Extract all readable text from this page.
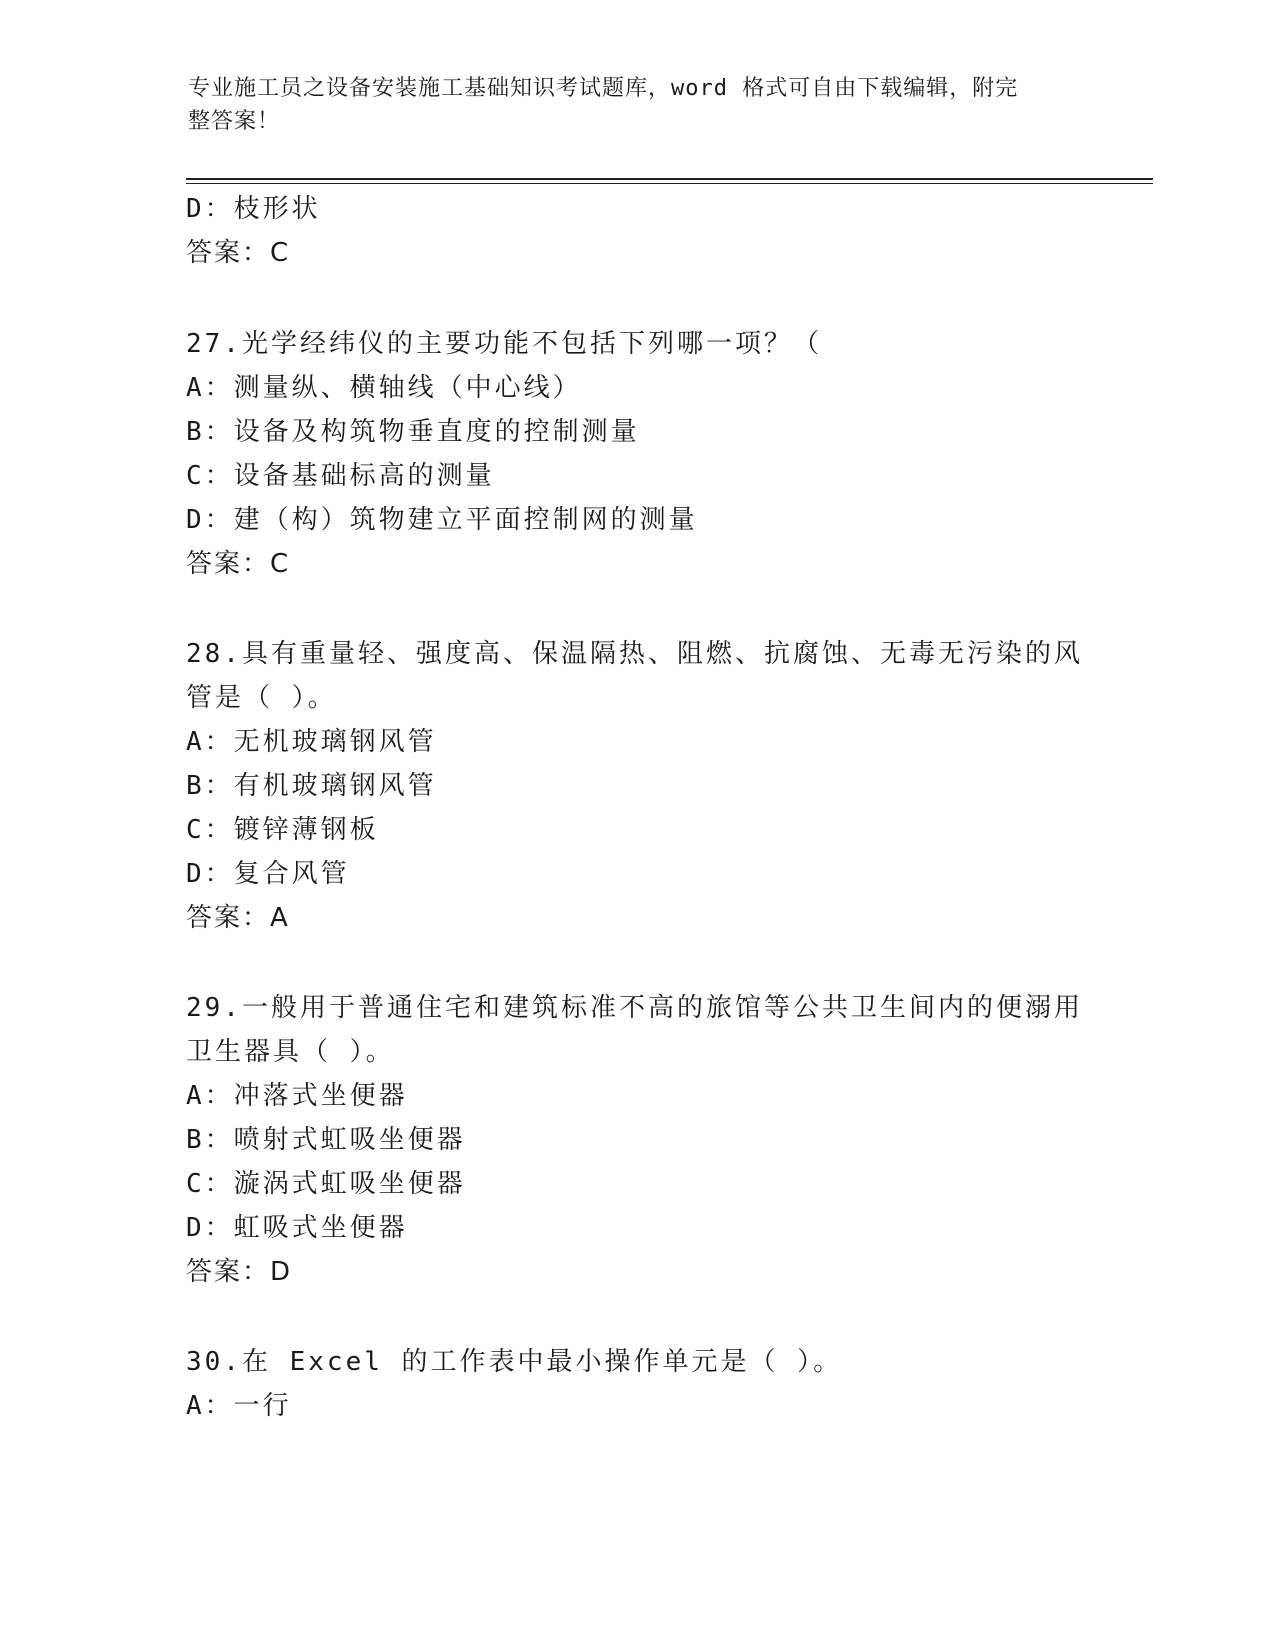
专业施工员之设备安装施工基础知识考试题库，word 格式可自由下载编辑，附完
整答案！
D：枝形状
答案：C
27.光学经纬仪的主要功能不包括下列哪一项？（
A：测量纵、横轴线（中心线）
B：设备及构筑物垂直度的控制测量
C：设备基础标高的测量
D：建（构）筑物建立平面控制网的测量
答案：C
28.具有重量轻、强度高、保温隔热、阻燃、抗腐蚀、无毒无污染的风
管是（ ）。
A：无机玻璃钢风管
B：有机玻璃钢风管
C：镀锌薄钢板
D：复合风管
答案：A
29.一般用于普通住宅和建筑标准不高的旅馆等公共卫生间内的便溺用
卫生器具（ ）。
A：冲落式坐便器
B：喷射式虹吸坐便器
C：漩涡式虹吸坐便器
D：虹吸式坐便器
答案：D
30.在 Excel 的工作表中最小操作单元是（ ）。
A：一行
